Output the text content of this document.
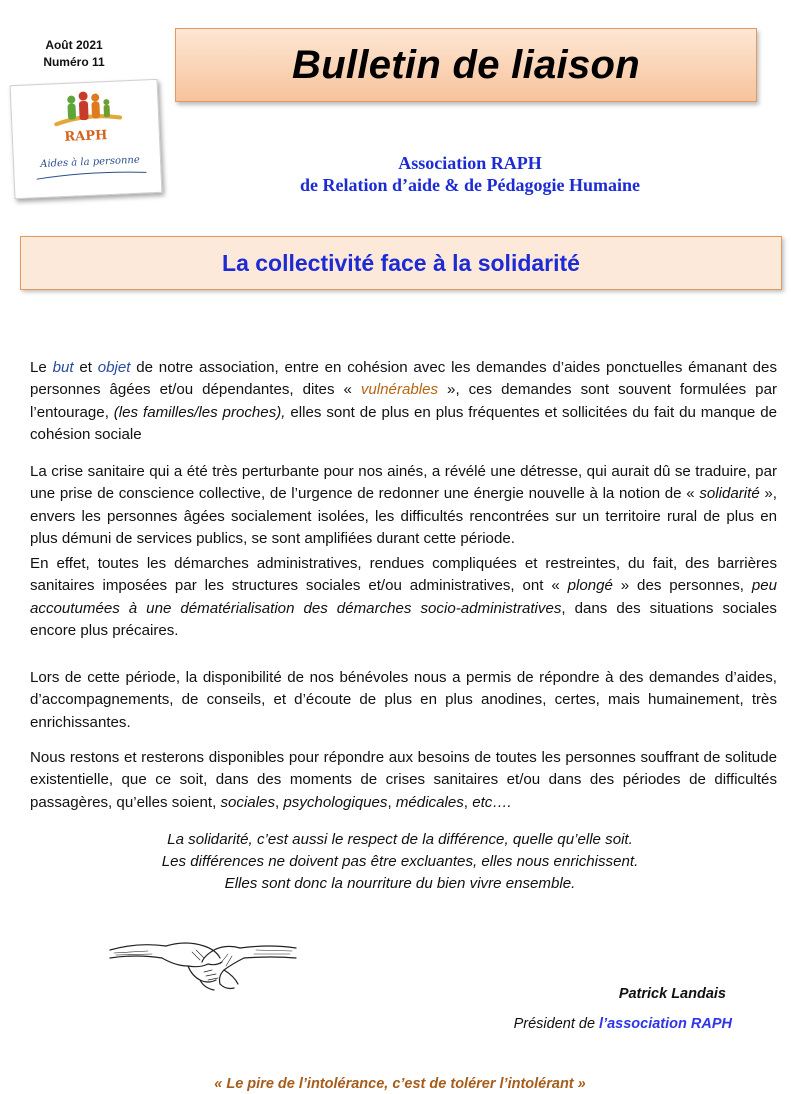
Août 2021
Numéro 11
RAPH
Aides à la personne
Bulletin de liaison
Association RAPH
de Relation d’aide & de Pédagogie Humaine
La collectivité face à la solidarité

Le but et objet de notre association, entre en cohésion avec les demandes d’aides ponctuelles émanant des personnes âgées et/ou dépendantes, dites « vulnérables », ces demandes sont souvent formulées par l’entourage, (les familles/les proches), elles sont de plus en plus fréquentes et sollicitées du fait du manque de cohésion sociale

La crise sanitaire qui a été très perturbante pour nos ainés, a révélé une détresse, qui aurait dû se traduire, par une prise de conscience collective, de l’urgence de redonner une énergie nouvelle à la notion de « solidarité », envers les personnes âgées socialement isolées, les difficultés rencontrées sur un territoire rural de plus en plus démuni de services publics, se sont amplifiées durant cette période.

En effet, toutes les démarches administratives, rendues compliquées et restreintes, du fait, des barrières sanitaires imposées par les structures sociales et/ou administratives, ont « plongé » des personnes, peu accoutumées à une dématérialisation des démarches socio-administratives, dans des situations sociales encore plus précaires.

Lors de cette période, la disponibilité de nos bénévoles nous a permis de répondre à des demandes d’aides, d’accompagnements, de conseils, et d’écoute de plus en plus anodines, certes, mais humainement, très enrichissantes.

Nous restons et resterons disponibles pour répondre aux besoins de toutes les personnes souffrant de solitude existentielle, que ce soit, dans des moments de crises sanitaires et/ou dans des périodes de difficultés passagères, qu’elles soient, sociales, psychologiques, médicales, etc….

La solidarité, c’est aussi le respect de la différence, quelle qu’elle soit.
Les différences ne doivent pas être excluantes, elles nous enrichissent.
Elles sont donc la nourriture du bien vivre ensemble.
Patrick Landais
Président de l’association RAPH
« Le pire de l’intolérance, c’est de tolérer l’intolérant »
